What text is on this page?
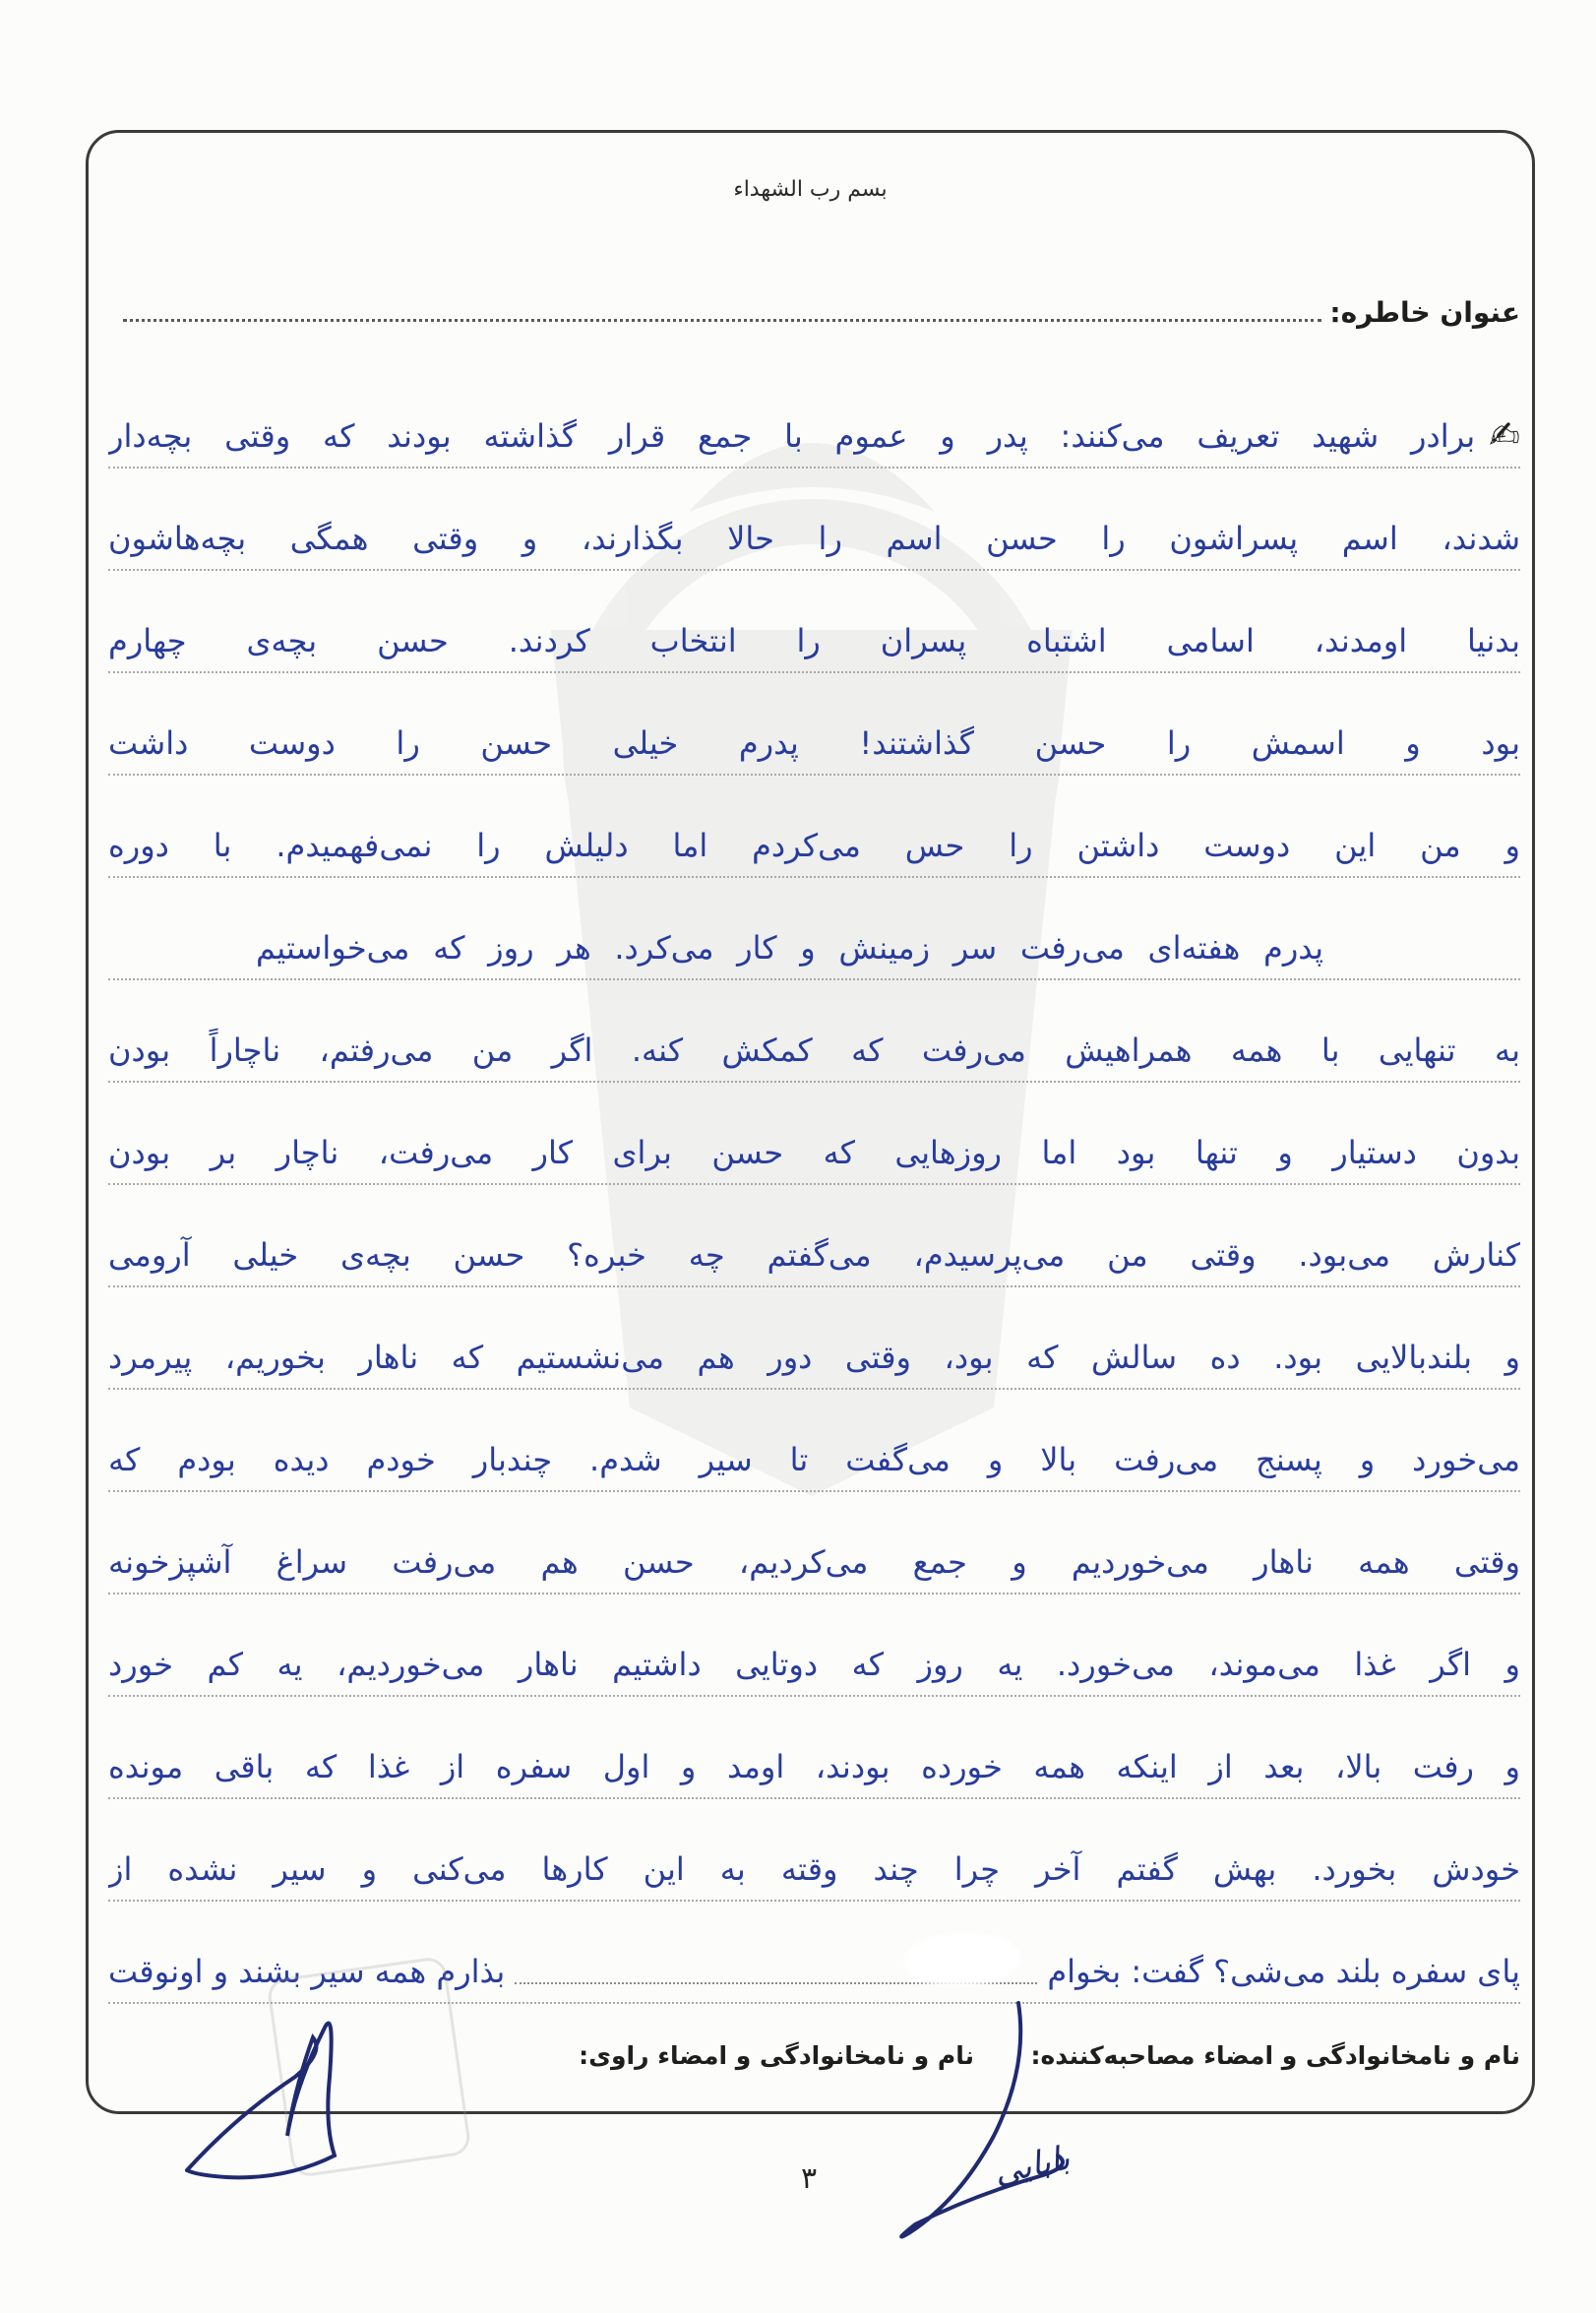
بسم رب الشهداء
عنوان خاطره:
✍
برادر شهید تعریف می‌کنند: پدر و عموم با جمع قرار گذاشته بودند که وقتی بچه‌دار
شدند، اسم پسراشون را حسن اسم را حالا بگذارند، و وقتی همگی بچه‌هاشون
بدنیا اومدند، اسامی اشتباه پسران را انتخاب کردند. حسن بچه‌ی چهارم
بود و اسمش را حسن گذاشتند! پدرم خیلی حسن را دوست داشت
و من این دوست داشتن را حس می‌کردم اما دلیلش را نمی‌فهمیدم. با دوره
پدرم هفته‌ای می‌رفت سر زمینش و کار می‌کرد. هر روز که می‌خواستیم
به تنهایی با همه همراهیش می‌رفت که کمکش کنه. اگر من می‌رفتم، ناچاراً بودن
بدون دستیار و تنها بود اما روزهایی که حسن برای کار می‌رفت، ناچار بر بودن
کنارش می‌بود. وقتی من می‌پرسیدم، می‌گفتم چه خبره؟ حسن بچه‌ی خیلی آرومی
و بلندبالایی بود. ده سالش که بود، وقتی دور هم می‌نشستیم که ناهار بخوریم، پیرمرد
می‌خورد و پسنج می‌رفت بالا و می‌گفت تا سیر شدم. چندبار خودم دیده بودم که
وقتی همه ناهار می‌خوردیم و جمع می‌کردیم، حسن هم می‌رفت سراغ آشپزخونه
و اگر غذا می‌موند، می‌خورد. یه روز که دوتایی داشتیم ناهار می‌خوردیم، یه کم خورد
و رفت بالا، بعد از اینکه همه خورده بودند، اومد و اول سفره از غذا که باقی مونده
خودش بخورد. بهش گفتم آخر چرا چند وقته به این کارها می‌کنی و سیر نشده از
پای سفره بلند می‌شی؟ گفت: بخوام
بذارم همه سیر بشند و اونوقت
نام و نامخانوادگی و امضاء مصاحبه‌کننده:
نام و نامخانوادگی و امضاء راوی:
بابایی
۳
